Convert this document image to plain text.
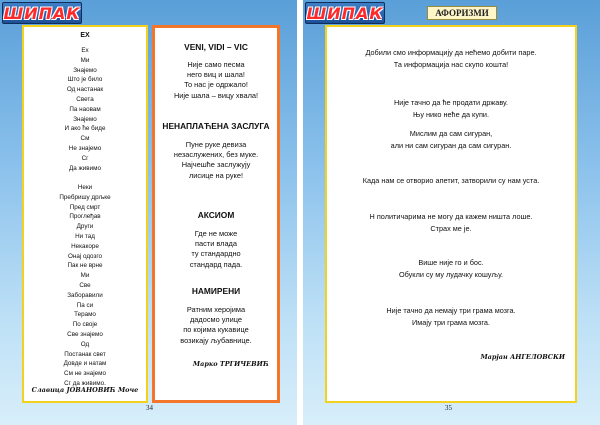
ШИПАК
ЕХ
Ех
Ми
Знајемо
Што је било
Од настанак
Света
Па наовам
Знајемо
И ако ће биде
См
Не знајемо
Сг
Да живимо
Неки
Пребришу дрљке
Пред смрт
Проглеђав
Други
Ни тад
Некакоре
Онај одозго
Пак не врне
Ми
Све
Заборавили
Па си
Терамо
По своје
Све знајемо
Од
Постанак свет
Довде и натам
См не знајемо
Сг да живимо.
Славица ЈОВАНОВИЋ Моче
VENI, VIDI – VIC
Није само песма
него виц и шала!
То нас је одржало!
Није шала – вицу хвала!
НЕНАПЛАЋЕНА ЗАСЛУГА
Пуне руке девиза
незаслужених, без муке.
Најчешће заслужују
лисице на руке!
АКСИОМ
Где не може
пасти влада
ту стандардно
стандард пада.
НАМИРЕНИ
Ратним херојима
дадосмо улице
по којима кукавице
возикају љубавнице.
Марко ТРГИЧЕВИЋ
34
ШИПАК	АФОРИЗМИ
Добили смо информацију да нећемо добити паре.
Та информација нас скупо кошта!
Није тачно да ће продати државу.
Њу нико неће да купи.
Мислим да сам сигуран,
али ни сам сигуран да сам сигуран.
Када нам се отворио апетит, затворили су нам уста.
Н политичарима не могу да кажем ништа лоше.
Страх ме је.
Више није го и бос.
Обукли су му лудачку кошуљу.
Није тачно да немају три грама мозга.
Имају три грама мозга.
Марјан АНГЕЛОВСКИ
35
